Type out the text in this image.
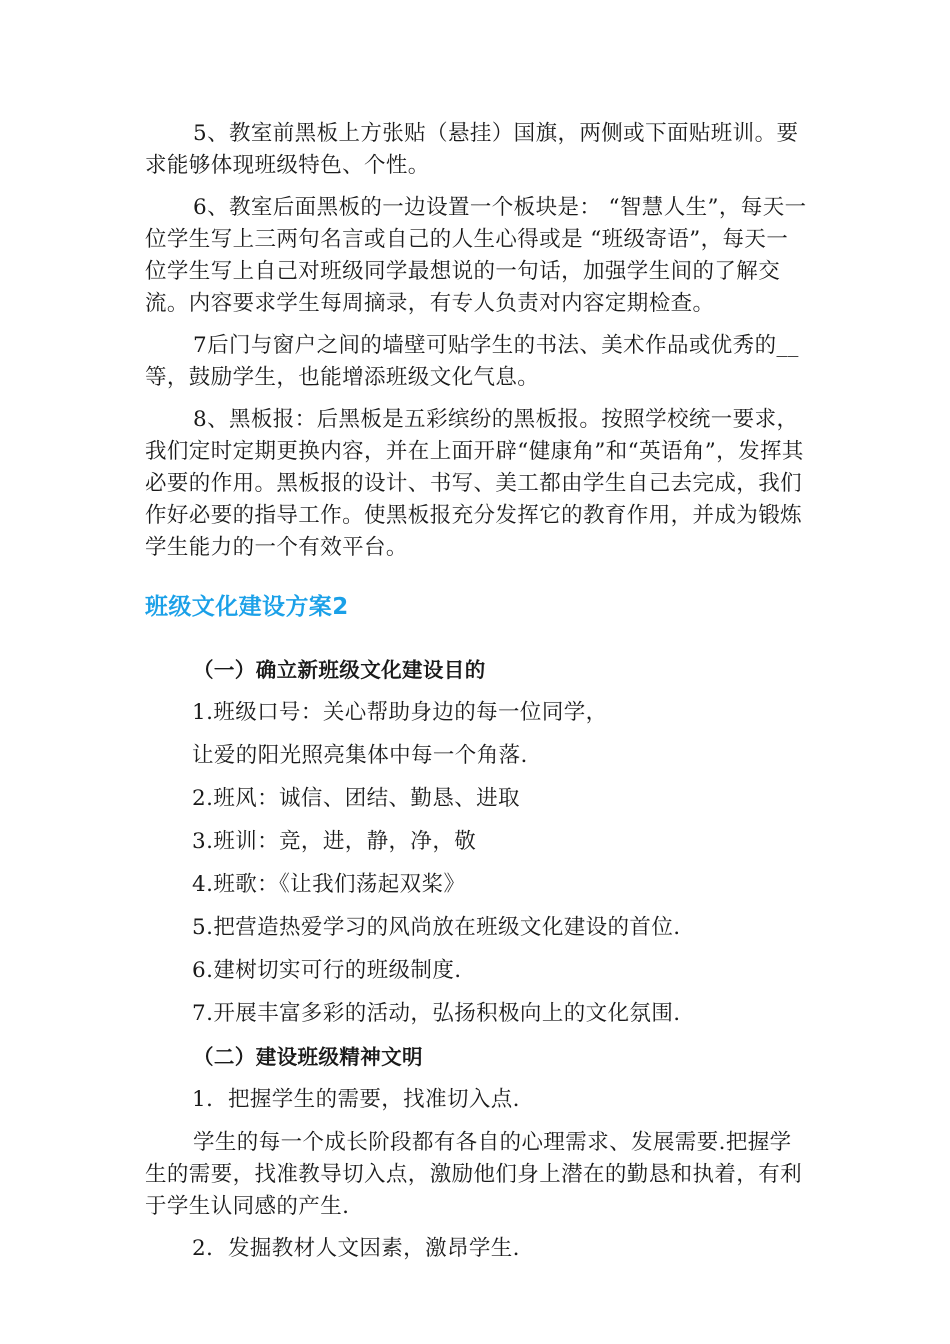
5、教室前黑板上方张贴（悬挂）国旗，两侧或下面贴班训。要求能够体现班级特色、个性。

6、教室后面黑板的一边设置一个板块是： “智慧人生”，每天一位学生写上三两句名言或自己的人生心得或是 “班级寄语”，每天一位学生写上自己对班级同学最想说的一句话，加强学生间的了解交流。内容要求学生每周摘录，有专人负责对内容定期检查。

7后门与窗户之间的墙壁可贴学生的书法、美术作品或优秀的__等，鼓励学生，也能增添班级文化气息。

8、黑板报：后黑板是五彩缤纷的黑板报。按照学校统一要求，我们定时定期更换内容，并在上面开辟“健康角”和“英语角”，发挥其必要的作用。黑板报的设计、书写、美工都由学生自己去完成，我们作好必要的指导工作。使黑板报充分发挥它的教育作用，并成为锻炼学生能力的一个有效平台。

班级文化建设方案2

（一）确立新班级文化建设目的

1.班级口号：关心帮助身边的每一位同学，

让爱的阳光照亮集体中每一个角落.

2.班风：诚信、团结、勤恳、进取

3.班训：竞，进，静，净，敬

4.班歌：《让我们荡起双桨》

5.把营造热爱学习的风尚放在班级文化建设的首位.

6.建树切实可行的班级制度.

7.开展丰富多彩的活动，弘扬积极向上的文化氛围.

（二）建设班级精神文明

1．把握学生的需要，找准切入点.

学生的每一个成长阶段都有各自的心理需求、发展需要.把握学生的需要，找准教导切入点，激励他们身上潜在的勤恳和执着，有利于学生认同感的产生.

2．发掘教材人文因素，激昂学生.
